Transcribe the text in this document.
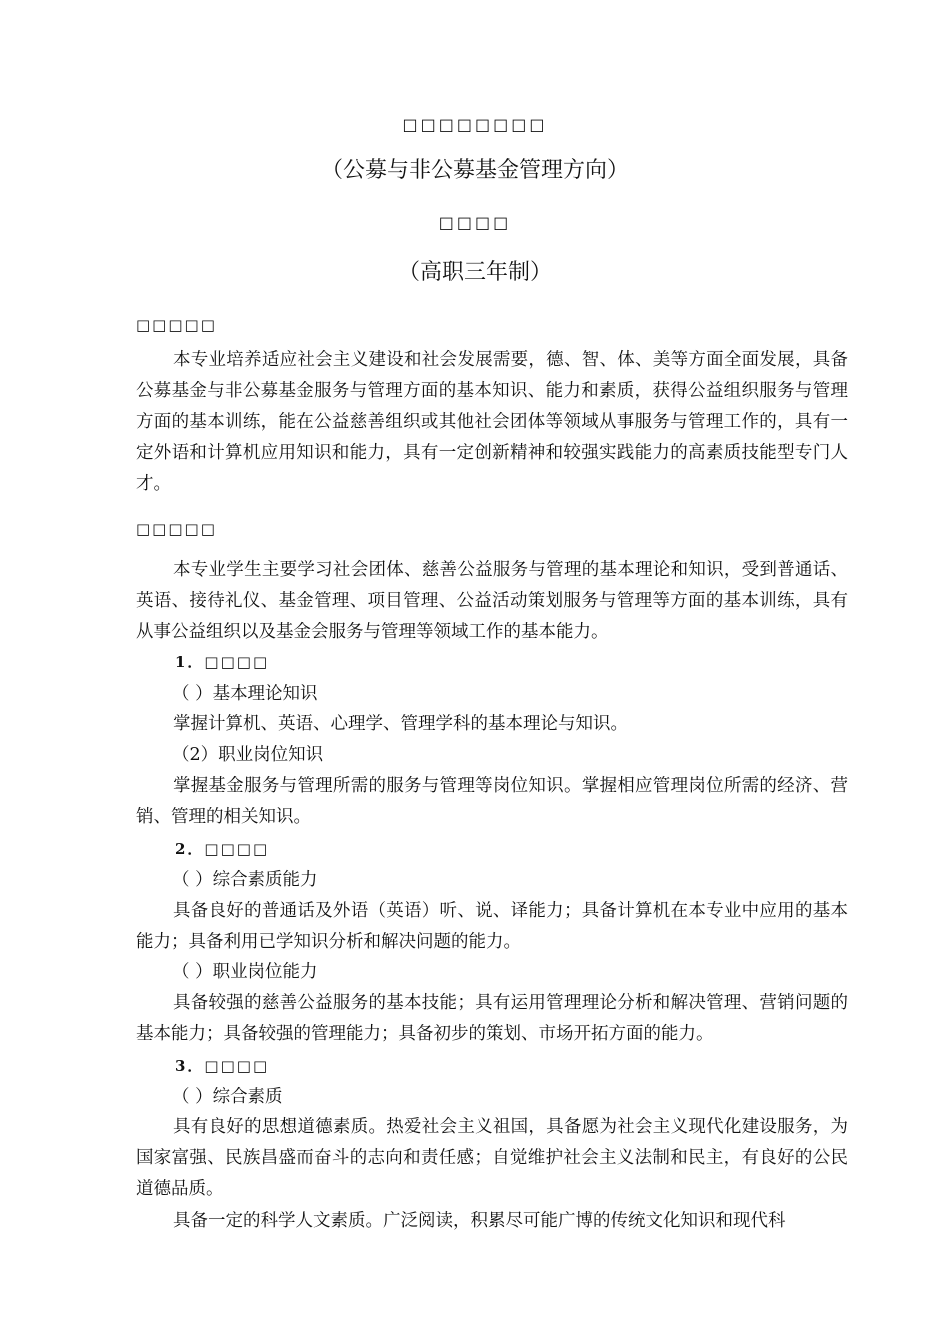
□□□□□□□□
（公募与非公募基金管理方向）
□□□□
（高职三年制）
□□□□□
本专业培养适应社会主义建设和社会发展需要，德、智、体、美等方面全面发展，具备公募基金与非公募基金服务与管理方面的基本知识、能力和素质，获得公益组织服务与管理方面的基本训练，能在公益慈善组织或其他社会团体等领域从事服务与管理工作的，具有一定外语和计算机应用知识和能力，具有一定创新精神和较强实践能力的高素质技能型专门人才。
□□□□□
本专业学生主要学习社会团体、慈善公益服务与管理的基本理论和知识，受到普通话、英语、接待礼仪、基金管理、项目管理、公益活动策划服务与管理等方面的基本训练，具有从事公益组织以及基金会服务与管理等领域工作的基本能力。
1．□□□□
（ ）基本理论知识
掌握计算机、英语、心理学、管理学科的基本理论与知识。
（2）职业岗位知识
掌握基金服务与管理所需的服务与管理等岗位知识。掌握相应管理岗位所需的经济、营销、管理的相关知识。
2．□□□□
（ ）综合素质能力
具备良好的普通话及外语（英语）听、说、译能力；具备计算机在本专业中应用的基本能力；具备利用已学知识分析和解决问题的能力。
（ ）职业岗位能力
具备较强的慈善公益服务的基本技能；具有运用管理理论分析和解决管理、营销问题的基本能力；具备较强的管理能力；具备初步的策划、市场开拓方面的能力。
3．□□□□
（ ）综合素质
具有良好的思想道德素质。热爱社会主义祖国，具备愿为社会主义现代化建设服务，为国家富强、民族昌盛而奋斗的志向和责任感；自觉维护社会主义法制和民主，有良好的公民道德品质。
具备一定的科学人文素质。广泛阅读，积累尽可能广博的传统文化知识和现代科
